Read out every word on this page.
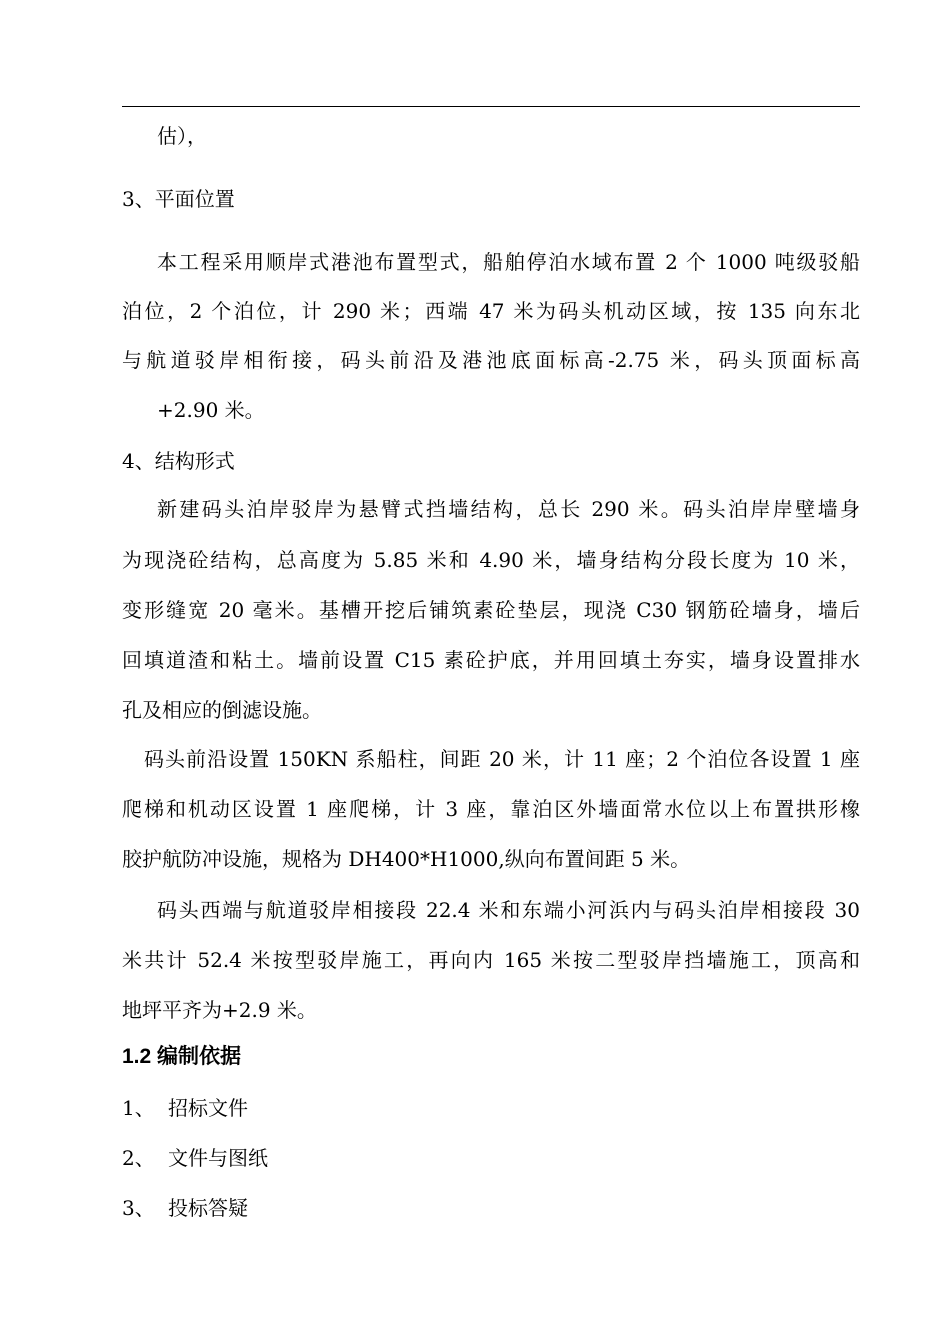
估），
3、平面位置
本工程采用顺岸式港池布置型式，船舶停泊水域布置 2 个 1000 吨级驳船
泊位，2 个泊位，计 290 米；西端 47 米为码头机动区域，按 135 向东北
与航道驳岸相衔接，码头前沿及港池底面标高-2.75 米，码头顶面标高
+2.90 米。
4、结构形式
新建码头泊岸驳岸为悬臂式挡墙结构，总长 290 米。码头泊岸岸壁墙身
为现浇砼结构，总高度为 5.85 米和 4.90 米，墙身结构分段长度为 10 米，
变形缝宽 20 毫米。基槽开挖后铺筑素砼垫层，现浇 C30 钢筋砼墙身，墙后
回填道渣和粘土。墙前设置 C15 素砼护底，并用回填土夯实，墙身设置排水
孔及相应的倒滤设施。
码头前沿设置 150KN 系船柱，间距 20 米，计 11 座；2 个泊位各设置 1 座
爬梯和机动区设置 1 座爬梯，计 3 座，靠泊区外墙面常水位以上布置拱形橡
胶护航防冲设施，规格为 DH400*H1000,纵向布置间距 5 米。
码头西端与航道驳岸相接段 22.4 米和东端小河浜内与码头泊岸相接段 30
米共计 52.4 米按型驳岸施工，再向内 165 米按二型驳岸挡墙施工，顶高和
地坪平齐为+2.9 米。
1.2 编制依据
1、 招标文件
2、 文件与图纸
3、 投标答疑
